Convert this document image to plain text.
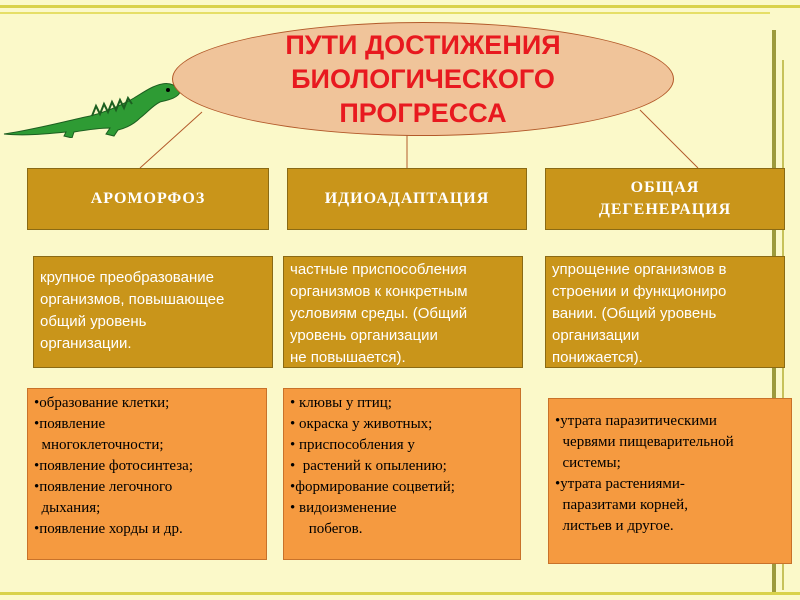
ПУТИ ДОСТИЖЕНИЯ
БИОЛОГИЧЕСКОГО
ПРОГРЕССА
АРОМОРФОЗ	ИДИОАДАПТАЦИЯ
ОБЩАЯ
ДЕГЕНЕРАЦИЯ
крупное преобразование
организмов, повышающее
общий уровень
организации.
частные приспособления
организмов к конкретным
условиям среды. (Общий
уровень организации
не повышается).
упрощение организмов в
строении и функциониро
вании. (Общий уровень
организации
понижается).
•образование клетки;
•появление
многоклеточности;
•появление фотосинтеза;
•появление легочного
дыхания;
•появление хорды и др.
• клювы у птиц;
• окраска у животных;
• приспособления у
•  растений к опылению;
•формирование соцветий;
• видоизменение
побегов.
•утрата паразитическими
червями пищеварительной
системы;
•утрата растениями-
паразитами корней,
листьев и другое.
